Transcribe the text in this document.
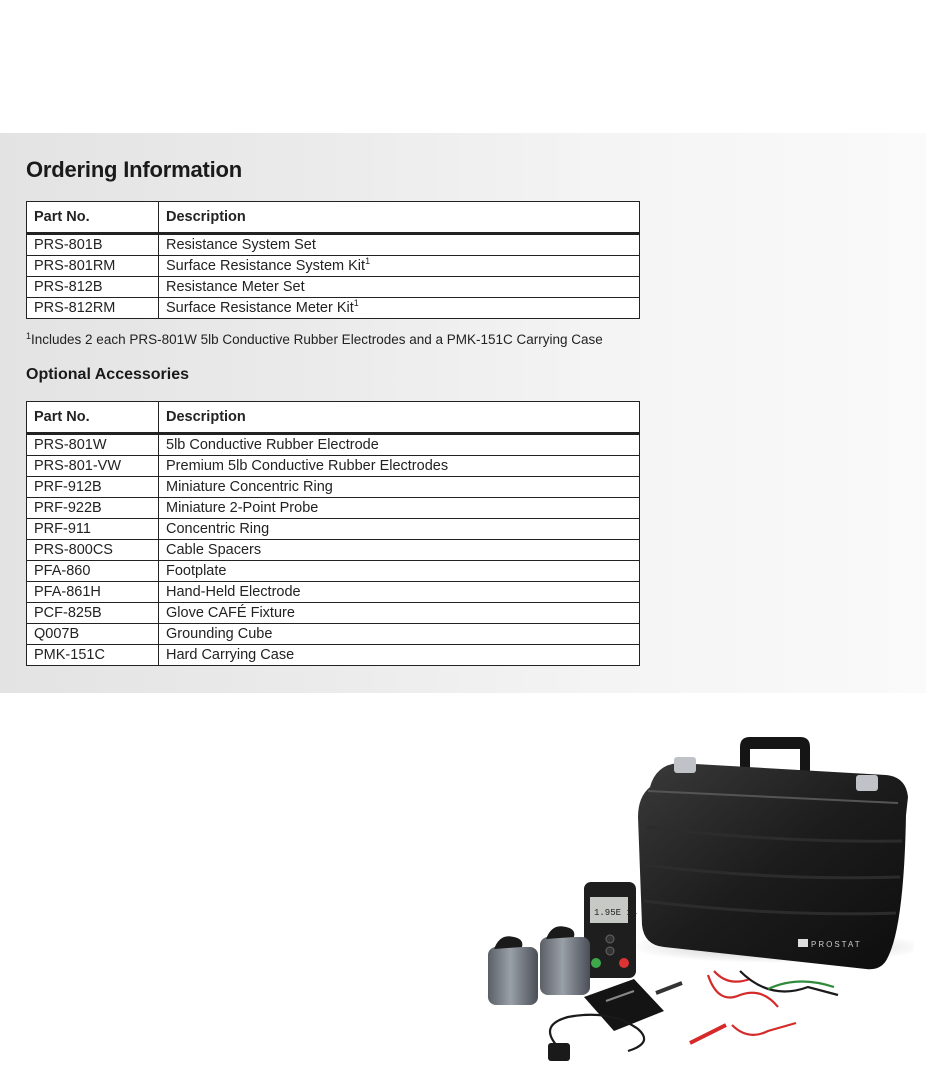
Ordering Information
Part No.	Description
PRS-801B	Resistance System Set
PRS-801RM	Surface Resistance System Kit$^1$
PRS-812B	Resistance Meter Set
PRS-812RM	Surface Resistance Meter Kit$^1$
$^1$Includes 2 each PRS-801W 5lb Conductive Rubber Electrodes and a PMK-151C Carrying Case
Optional Accessories
Part No.	Description
PRS-801W	5lb Conductive Rubber Electrode
PRS-801-VW	Premium 5lb Conductive Rubber Electrodes
PRF-912B	Miniature Concentric Ring
PRF-922B	Miniature 2-Point Probe
PRF-911	Concentric Ring
PRS-800CS	Cable Spacers
PFA-860	Footplate
PFA-861H	Hand-Held Electrode
PCF-825B	Glove CAFÉ Fixture
Q007B	Grounding Cube
PMK-151C	Hard Carrying Case
PROSTAT
1.95E 14
